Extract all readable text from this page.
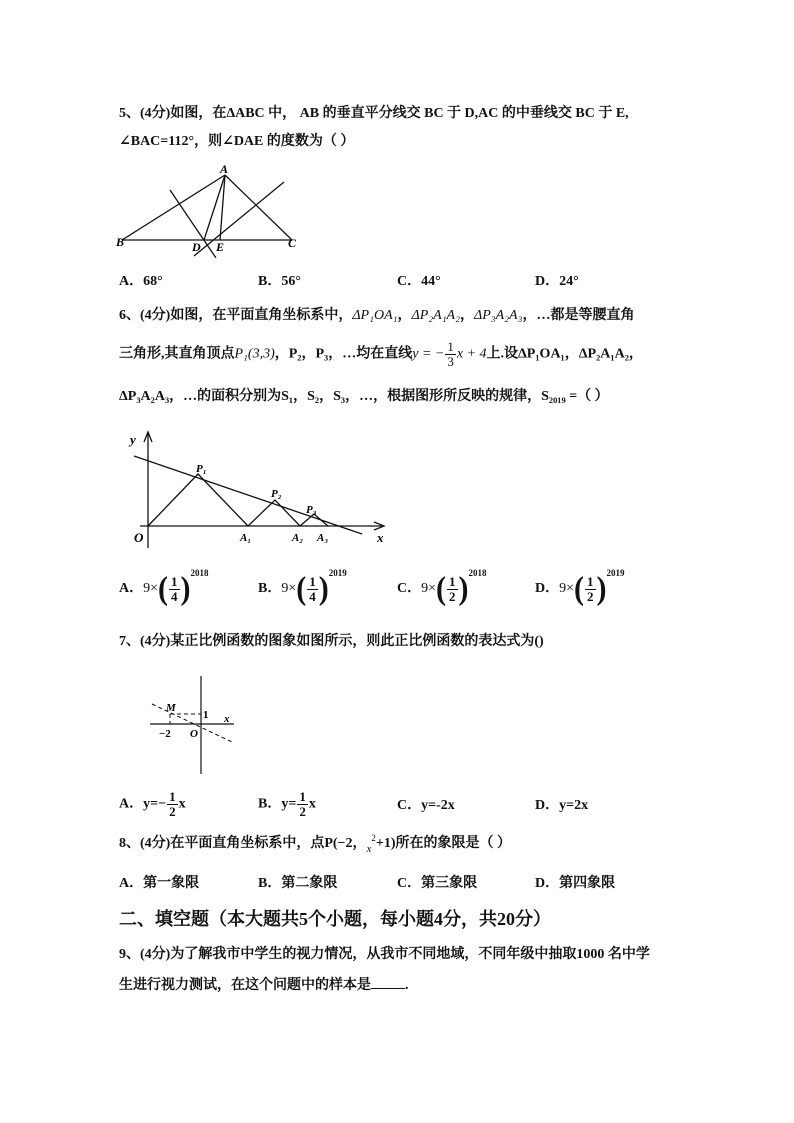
5、(4分)如图，在ΔABC 中， AB 的垂直平分线交 BC 于 D,AC 的中垂线交 BC 于 E,
∠BAC=112°，则∠DAE 的度数为（ ）
A
B	C
D E
A．68°	B．56°	C．44°	D．24°
6、(4分)如图，在平面直角坐标系中，ΔP₁OA₁，ΔP₂A₁A₂，ΔP₃A₂A₃，…都是等腰直角
三角形,其直角顶点P₁(3,3)，P₂，P₃，…均在直线y = − $\frac{1}{3}$ x + 4上.设ΔP₁OA₁，ΔP₂A₁A₂，
ΔP₃A₂A₃，…的面积分别为S₁，S₂，S₃，…，根据图形所反映的规律，S₂₀₁₉ =（ ）
y
x
O
P₁
P₂
P₃
A₁	A₂ A₃
A．$9\times( \frac{1}{4} )^{2018}$
B．$9\times( \frac{1}{4} )^{2019}$
C．$9\times( \frac{1}{2} )^{2018}$
D．$9\times( \frac{1}{2} )^{2019}$
7、(4分)某正比例函数的图象如图所示，则此正比例函数的表达式为()
M
1 x
−2 O
A．$y=- \frac{1}{2}$ x	B．$y= \frac{1}{2}$ x	C．y=-2x	D．y=2x
8、(4分)在平面直角坐标系中，点P(−2，$_x^2$+1)所在的象限是（ ）
A．第一象限	B．第二象限	C．第三象限	D．第四象限
二、填空题（本大题共5个小题，每小题4分，共20分）
9、(4分)为了解我市中学生的视力情况，从我市不同地域，不同年级中抽取1000 名中学
生进行视力测试，在这个问题中的样本是 .
